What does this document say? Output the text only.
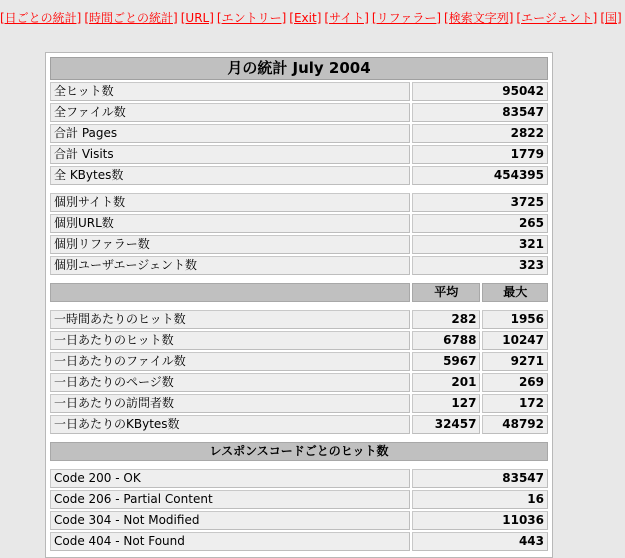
[日ごとの統計] [時間ごとの統計] [URL] [エントリー] [Exit] [サイト] [リファラー] [検索文字列] [エージェント] [国]
月の統計 July 2004		
全ヒット数	95042	
全ファイル数	83547	
合計 Pages	2822	
合計 Visits	1779	
全 KBytes数	454395	

個別サイト数	3725	
個別URL数	265	
個別リファラー数	321	
個別ユーザエージェント数	323	

	平均	最大

一時間あたりのヒット数	282	1956
一日あたりのヒット数	6788	10247
一日あたりのファイル数	5967	9271
一日あたりのページ数	201	269
一日あたりの訪問者数	127	172
一日あたりのKBytes数	32457	48792

レスポンスコードごとのヒット数		

Code 200 - OK	83547	
Code 206 - Partial Content	16	
Code 304 - Not Modified	11036	
Code 404 - Not Found	443	
